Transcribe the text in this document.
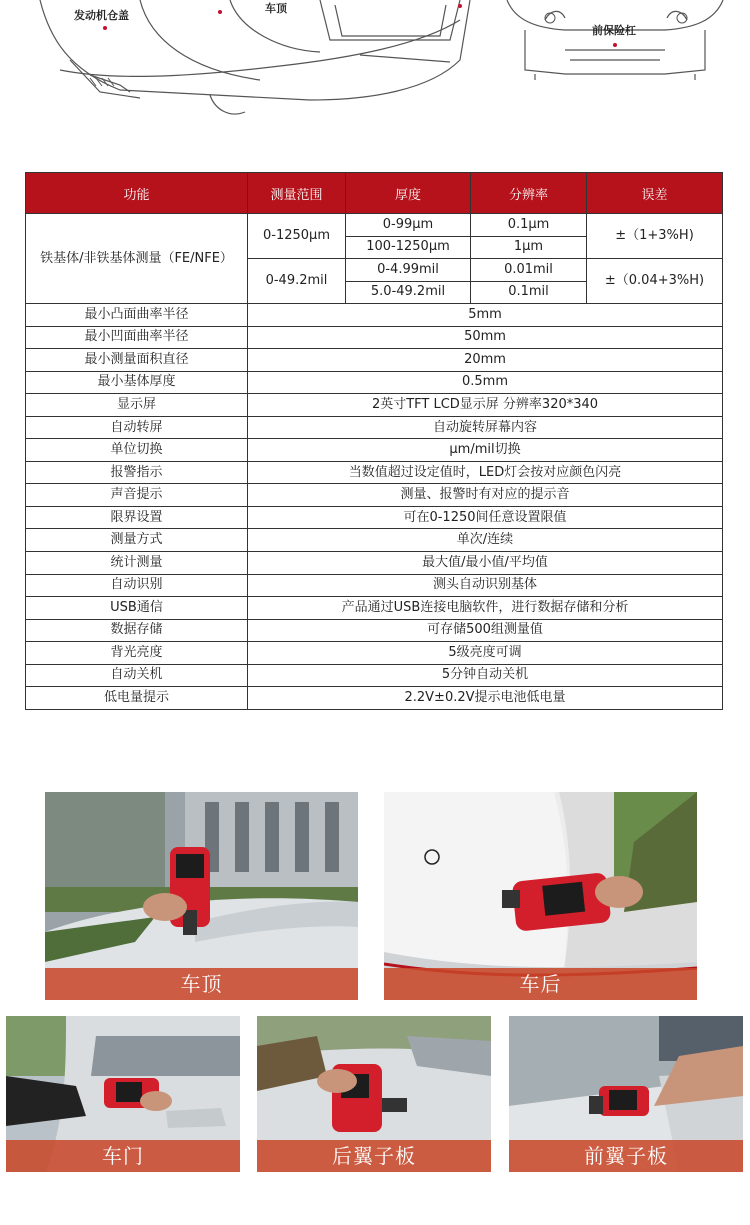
发动机仓盖
车顶
前保险杠
功能	测量范围	厚度	分辨率	误差
铁基体/非铁基体测量（FE/NFE）	0-1250μm	0-99μm	0.1μm	±（1+3%H)
		100-1250μm	1μm	
	0-49.2mil	0-4.99mil	0.01mil	±（0.04+3%H)
		5.0-49.2mil	0.1mil	
最小凸面曲率半径	5mm			
最小凹面曲率半径	50mm			
最小测量面积直径	20mm			
最小基体厚度	0.5mm			
显示屏	2英寸TFT LCD显示屏 分辨率320*340			
自动转屏	自动旋转屏幕内容			
单位切换	μm/mil切换			
报警指示	当数值超过设定值时，LED灯会按对应颜色闪亮			
声音提示	测量、报警时有对应的提示音			
限界设置	可在0-1250间任意设置限值			
测量方式	单次/连续			
统计测量	最大值/最小值/平均值			
自动识别	测头自动识别基体			
USB通信	产品通过USB连接电脑软件，进行数据存储和分析			
数据存储	可存储500组测量值			
背光亮度	5级亮度可调			
自动关机	5分钟自动关机			
低电量提示	2.2V±0.2V提示电池低电量			
车顶	车后
车门	后翼子板	前翼子板
